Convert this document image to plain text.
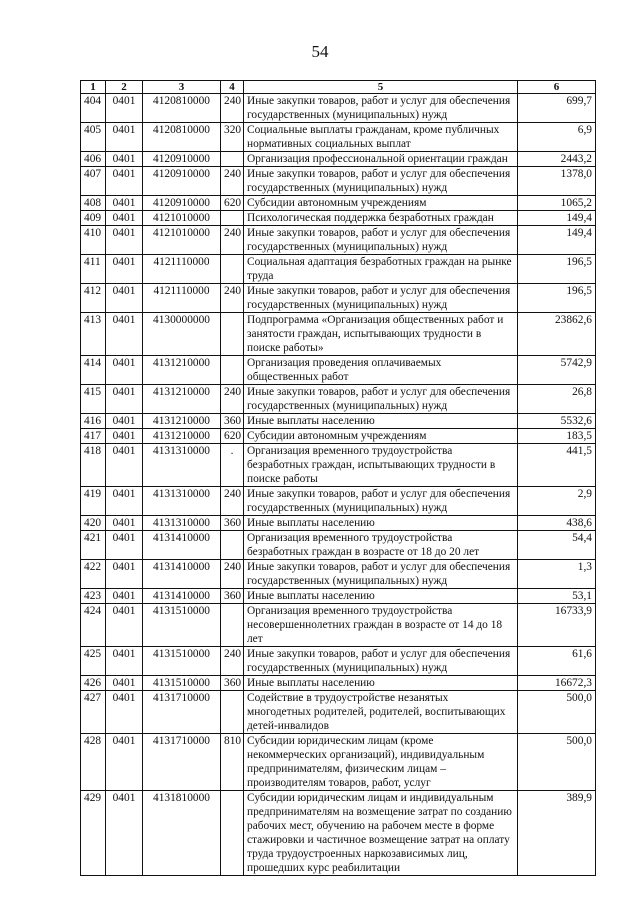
54
1	2	3	4	5	6
404	0401	4120810000	240	Иные закупки товаров, работ и услуг для обеспечения государственных (муниципальных) нужд	699,7
405	0401	4120810000	320	Социальные выплаты гражданам, кроме публичных нормативных социальных выплат	6,9
406	0401	4120910000		Организация профессиональной ориентации граждан	2443,2
407	0401	4120910000	240	Иные закупки товаров, работ и услуг для обеспечения государственных (муниципальных) нужд	1378,0
408	0401	4120910000	620	Субсидии автономным учреждениям	1065,2
409	0401	4121010000		Психологическая поддержка безработных граждан	149,4
410	0401	4121010000	240	Иные закупки товаров, работ и услуг для обеспечения государственных (муниципальных) нужд	149,4
411	0401	4121110000		Социальная адаптация безработных граждан на рынке труда	196,5
412	0401	4121110000	240	Иные закупки товаров, работ и услуг для обеспечения государственных (муниципальных) нужд	196,5
413	0401	4130000000		Подпрограмма «Организация общественных работ и занятости граждан, испытывающих трудности в поиске работы»	23862,6
414	0401	4131210000		Организация проведения оплачиваемых общественных работ	5742,9
415	0401	4131210000	240	Иные закупки товаров, работ и услуг для обеспечения государственных (муниципальных) нужд	26,8
416	0401	4131210000	360	Иные выплаты населению	5532,6
417	0401	4131210000	620	Субсидии автономным учреждениям	183,5
418	0401	4131310000	.	Организация временного трудоустройства безработных граждан, испытывающих трудности в поиске работы	441,5
419	0401	4131310000	240	Иные закупки товаров, работ и услуг для обеспечения государственных (муниципальных) нужд	2,9
420	0401	4131310000	360	Иные выплаты населению	438,6
421	0401	4131410000		Организация временного трудоустройства безработных граждан в возрасте от 18 до 20 лет	54,4
422	0401	4131410000	240	Иные закупки товаров, работ и услуг для обеспечения государственных (муниципальных) нужд	1,3
423	0401	4131410000	360	Иные выплаты населению	53,1
424	0401	4131510000		Организация временного трудоустройства несовершеннолетних граждан в возрасте от 14 до 18 лет	16733,9
425	0401	4131510000	240	Иные закупки товаров, работ и услуг для обеспечения государственных (муниципальных) нужд	61,6
426	0401	4131510000	360	Иные выплаты населению	16672,3
427	0401	4131710000		Содействие в трудоустройстве незанятых многодетных родителей, родителей, воспитывающих детей-инвалидов	500,0
428	0401	4131710000	810	Субсидии юридическим лицам (кроме некоммерческих организаций), индивидуальным предпринимателям, физическим лицам – производителям товаров, работ, услуг	500,0
429	0401	4131810000		Субсидии юридическим лицам и индивидуальным предпринимателям на возмещение затрат по созданию рабочих мест, обучению на рабочем месте в форме стажировки и частичное возмещение затрат на оплату труда трудоустроенных наркозависимых лиц, прошедших курс реабилитации	389,9
